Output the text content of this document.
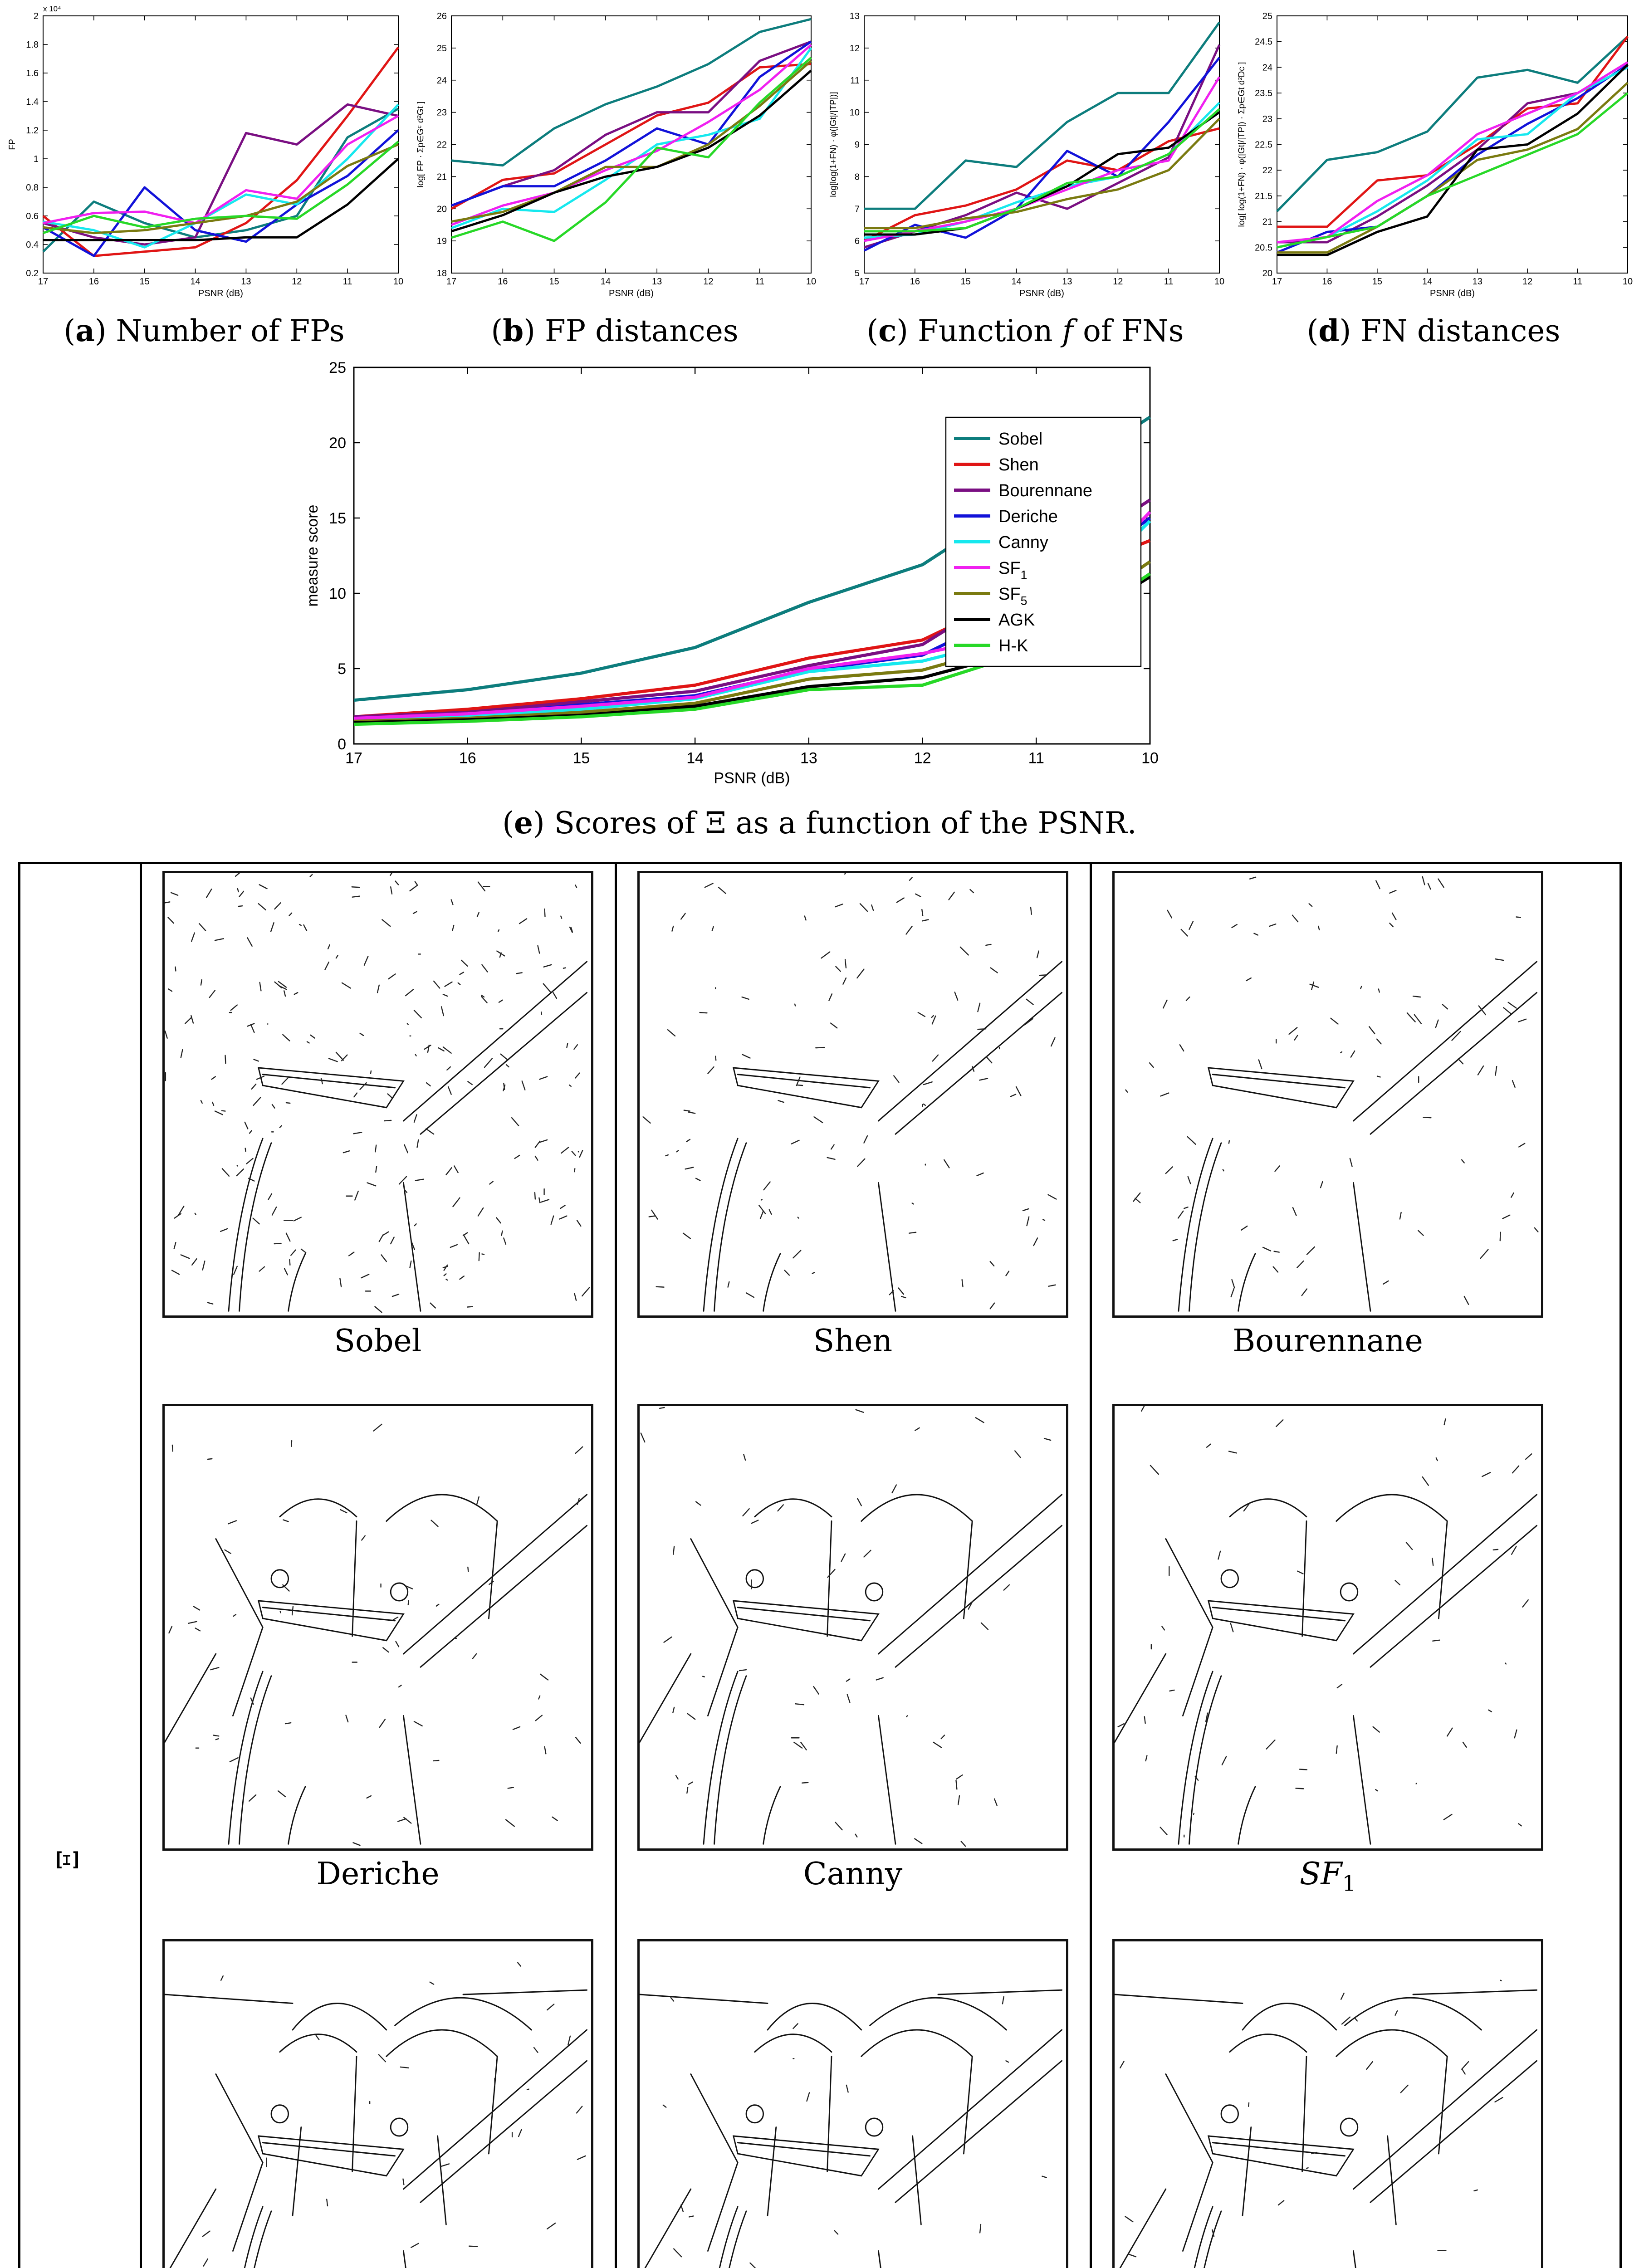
17	16	15	14	13	12	11	10
0.2
0.4
0.6
0.8
1
1.2
1.4
1.6
1.8
2
PSNR (dB)
FP
x 10⁴
17	16	15	14	13	12	11	10
18
19
20
21
22
23
24
25
26
PSNR (dB)
log[ FP · Σp∈Gᶜ d²Gt ]
17	16	15	14	13	12	11	10
5
6
7
8
9
10
11
12
13
PSNR (dB)
log[log(1+FN) · φ(|Gt|/|TP|)]
17	16	15	14	13	12	11	10
20
20.5
21
21.5
22
22.5
23
23.5
24
24.5
25
PSNR (dB)
log[ log(1+FN) · φ(|Gt|/|TP|) · Σp∈Gt d²Dc ]
(a) Number of FPs	(b) FP distances	(c) Function f of FNs	(d) FN distances
17	16	15	14	13	12	11	10
0
5
10
15
20
25
PSNR (dB)
measure score
Sobel
Shen
Bourennane
Deriche
Canny
$SF_1$
$SF_5$
AGK
H-K
(e) Scores of Ξ as a function of the PSNR.
Ξ
Sobel	Shen	Bourennane
Deriche	Canny	$SF_1$
